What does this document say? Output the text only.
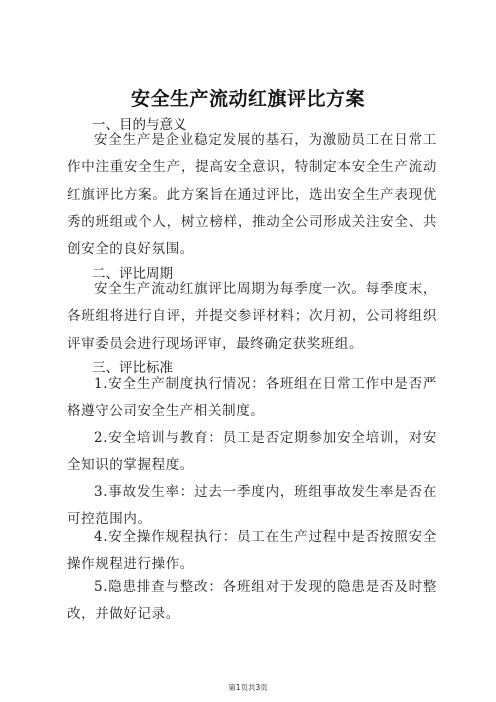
安全生产流动红旗评比方案
一、目的与意义
安全生产是企业稳定发展的基石，为激励员工在日常工作中注重安全生产，提高安全意识，特制定本安全生产流动红旗评比方案。此方案旨在通过评比，选出安全生产表现优秀的班组或个人，树立榜样，推动全公司形成关注安全、共创安全的良好氛围。
二、评比周期
安全生产流动红旗评比周期为每季度一次。每季度末，各班组将进行自评，并提交参评材料；次月初，公司将组织评审委员会进行现场评审，最终确定获奖班组。
三、评比标准
1.安全生产制度执行情况：各班组在日常工作中是否严格遵守公司安全生产相关制度。
2.安全培训与教育：员工是否定期参加安全培训，对安全知识的掌握程度。
3.事故发生率：过去一季度内，班组事故发生率是否在可控范围内。
4.安全操作规程执行：员工在生产过程中是否按照安全操作规程进行操作。
5.隐患排查与整改：各班组对于发现的隐患是否及时整改，并做好记录。
第1页共3页
